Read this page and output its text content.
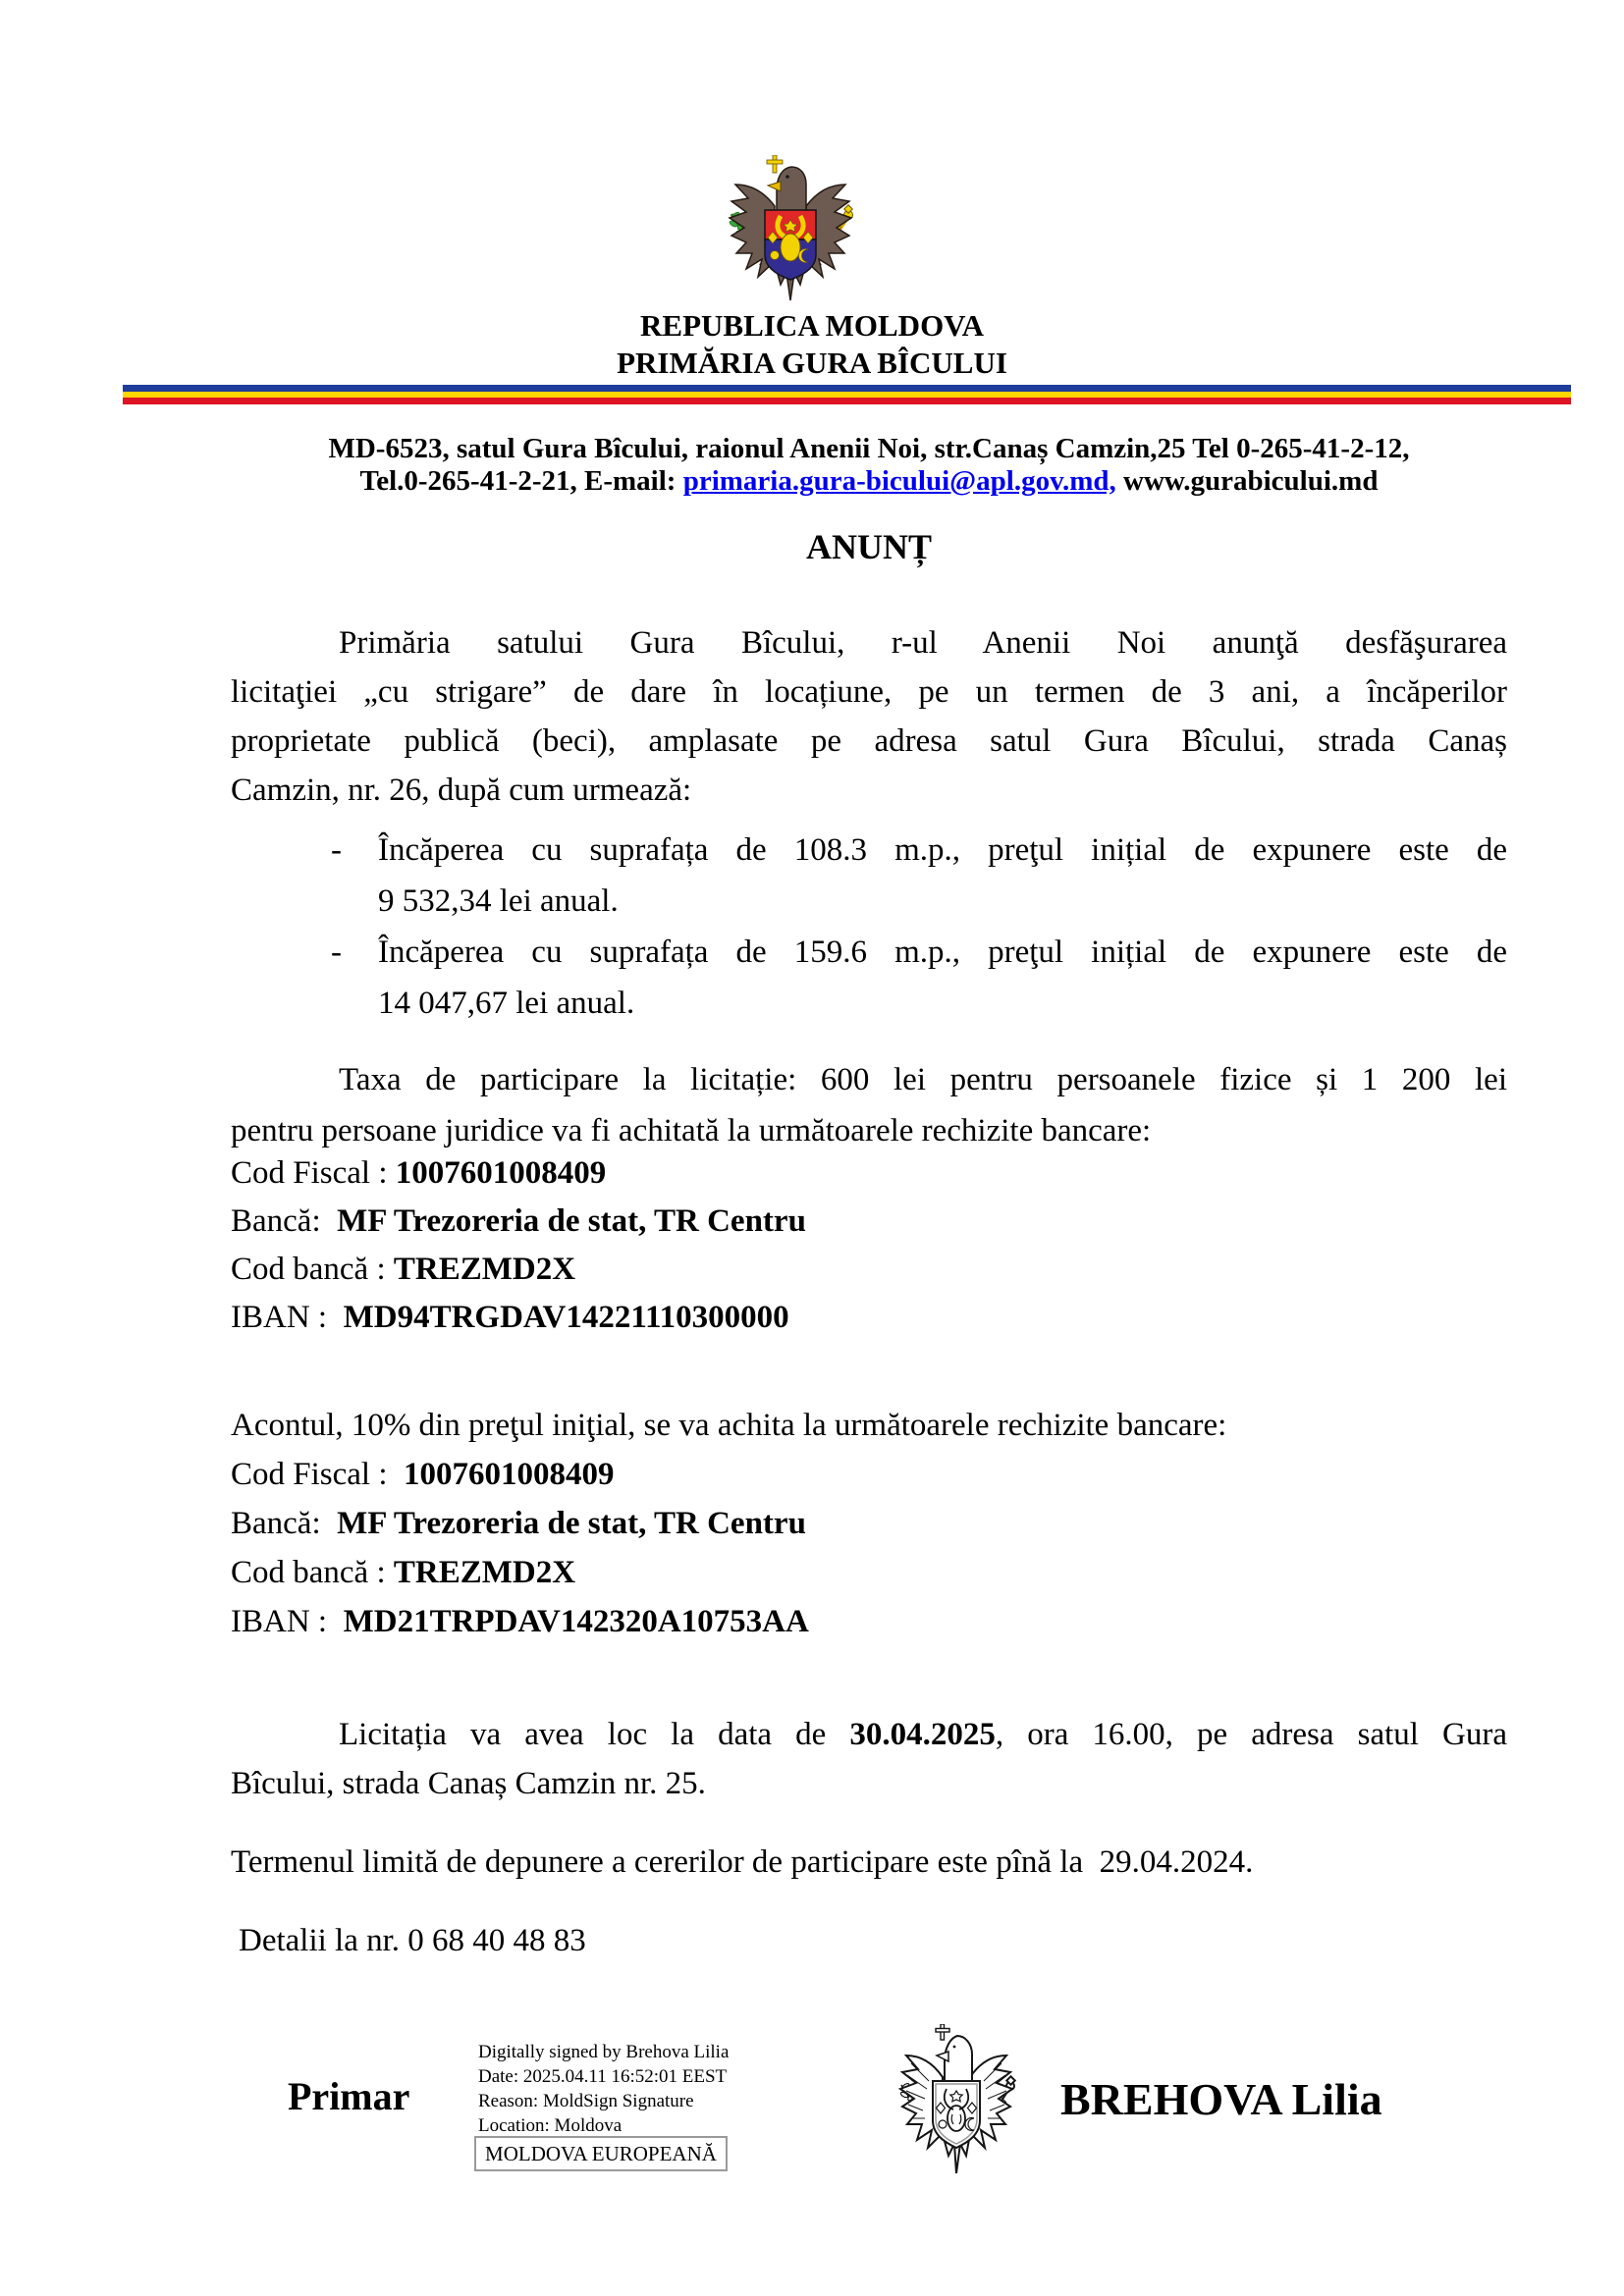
REPUBLICA MOLDOVA
PRIMĂRIA GURA BÎCULUI
MD-6523, satul Gura Bîcului, raionul Anenii Noi, str.Canaș Camzin,25 Tel 0-265-41-2-12,
Tel.0-265-41-2-21, E-mail: primaria.gura-bicului@apl.gov.md, www.gurabicului.md
ANUNȚ
Primăria satului Gura Bîcului, r-ul Anenii Noi anunţă desfăşurarea
licitaţiei „cu strigare” de dare în locațiune, pe un termen de 3 ani, a încăperilor
proprietate publică (beci), amplasate pe adresa satul Gura Bîcului, strada Canaș
Camzin, nr. 26, după cum urmează:
- Încăperea cu suprafața de 108.3 m.p., preţul inițial de expunere este de
9 532,34 lei anual.
- Încăperea cu suprafața de 159.6 m.p., preţul inițial de expunere este de
14 047,67 lei anual.
Taxa de participare la licitație: 600 lei pentru persoanele fizice și 1 200 lei
pentru persoane juridice va fi achitată la următoarele rechizite bancare:
Cod Fiscal : 1007601008409
Bancă:  MF Trezoreria de stat, TR Centru
Cod bancă : TREZMD2X
IBAN :  MD94TRGDAV14221110300000
Acontul, 10% din preţul iniţial, se va achita la următoarele rechizite bancare:
Cod Fiscal :  1007601008409
Bancă:  MF Trezoreria de stat, TR Centru
Cod bancă : TREZMD2X
IBAN :  MD21TRPDAV142320A10753AA
Licitația va avea loc la data de 30.04.2025, ora 16.00, pe adresa satul Gura
Bîcului, strada Canaș Camzin nr. 25.
Termenul limită de depunere a cererilor de participare este pînă la  29.04.2024.
Detalii la nr. 0 68 40 48 83
Primar
Digitally signed by Brehova Lilia
Date: 2025.04.11 16:52:01 EEST
Reason: MoldSign Signature
Location: Moldova
MOLDOVA EUROPEANĂ
BREHOVA Lilia
